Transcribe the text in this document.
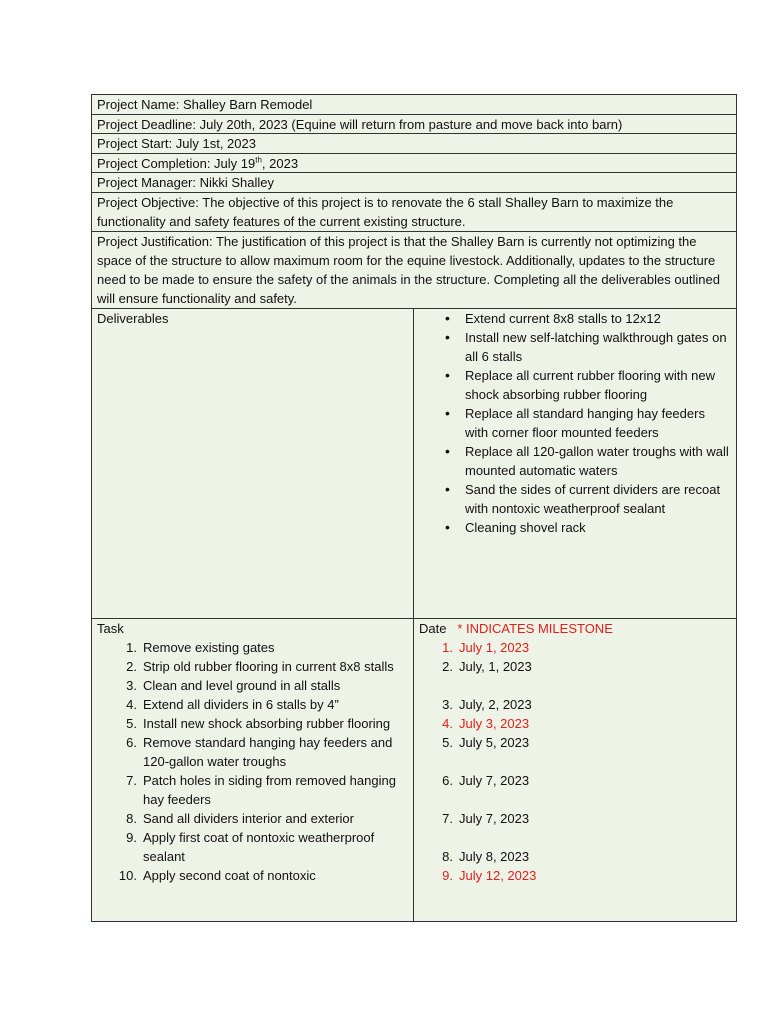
Project Name: Shalley Barn Remodel
Project Deadline: July 20th, 2023 (Equine will return from pasture and move back into barn)
Project Start: July 1st, 2023
Project Completion: July 19th, 2023
Project Manager: Nikki Shalley
Project Objective: The objective of this project is to renovate the 6 stall Shalley Barn to maximize the functionality and safety features of the current existing structure.
Project Justification: The justification of this project is that the Shalley Barn is currently not optimizing the space of the structure to allow maximum room for the equine livestock. Additionally, updates to the structure need to be made to ensure the safety of the animals in the structure. Completing all the deliverables outlined will ensure functionality and safety.
Deliverables
•	Extend current 8x8 stalls to 12x12
• Install new self-latching walkthrough gates on all 6 stalls
• Replace all current rubber flooring with new shock absorbing rubber flooring
• Replace all standard hanging hay feeders with corner floor mounted feeders
• Replace all 120-gallon water troughs with wall mounted automatic waters
• Sand the sides of current dividers are recoat with nontoxic weatherproof sealant
• Cleaning shovel rack
Task
1. Remove existing gates
2. Strip old rubber flooring in current 8x8 stalls
3. Clean and level ground in all stalls
4. Extend all dividers in 6 stalls by 4”
5. Install new shock absorbing rubber flooring
6. Remove standard hanging hay feeders and 120-gallon water troughs
7. Patch holes in siding from removed hanging hay feeders
8. Sand all dividers interior and exterior
9. Apply first coat of nontoxic weatherproof sealant
10. Apply second coat of nontoxic
Date * INDICATES MILESTONE
1. July 1, 2023
2. July, 1, 2023
3. July, 2, 2023
4. July 3, 2023
5. July 5, 2023
6. July 7, 2023
7. July 7, 2023
8. July 8, 2023
9. July 12, 2023
